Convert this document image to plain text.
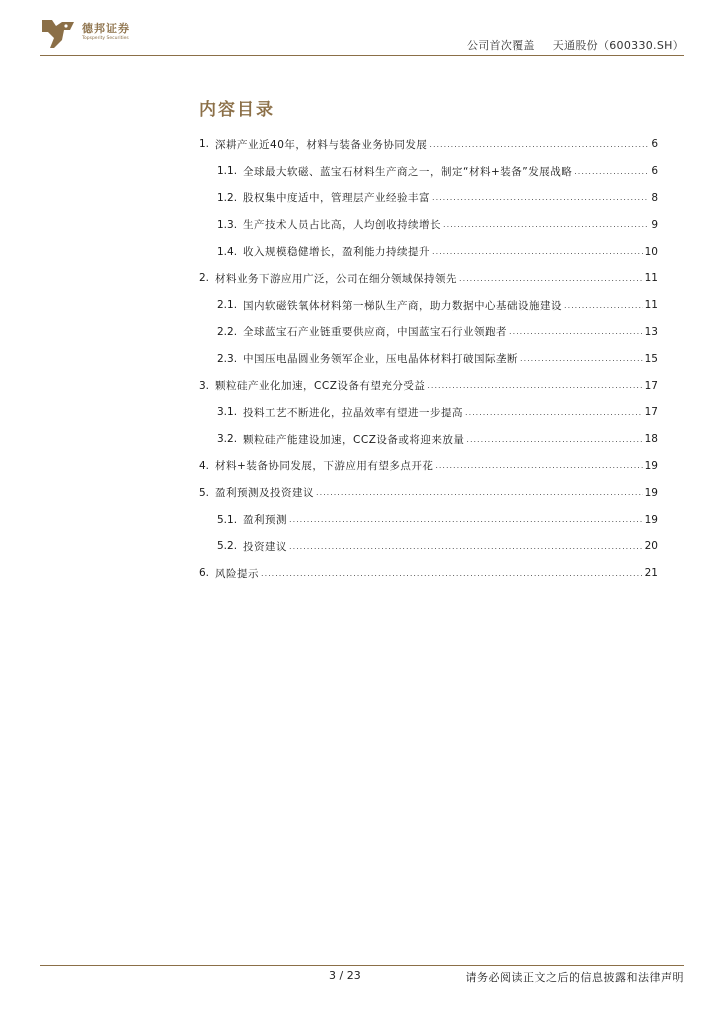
德邦证券
Topsperity Securities
公司首次覆盖 天通股份（600330.SH）
内容目录
1. 深耕产业近40年，材料与装备业务协同发展 .....	6
1.1. 全球最大软磁、蓝宝石材料生产商之一，制定“材料+装备”发展战略 .....	6
1.2. 股权集中度适中，管理层产业经验丰富 .....	8
1.3. 生产技术人员占比高，人均创收持续增长 .....	9
1.4. 收入规模稳健增长，盈利能力持续提升 .....	10
2. 材料业务下游应用广泛，公司在细分领域保持领先 .....	11
2.1. 国内软磁铁氧体材料第一梯队生产商，助力数据中心基础设施建设 .....	11
2.2. 全球蓝宝石产业链重要供应商，中国蓝宝石行业领跑者 .....	13
2.3. 中国压电晶圆业务领军企业，压电晶体材料打破国际垄断 .....	15
3. 颗粒硅产业化加速，CCZ设备有望充分受益 .....	17
3.1. 投料工艺不断进化，拉晶效率有望进一步提高 .....	17
3.2. 颗粒硅产能建设加速，CCZ设备或将迎来放量 .....	18
4. 材料+装备协同发展，下游应用有望多点开花 .....	19
5. 盈利预测及投资建议 .....	19
5.1. 盈利预测 .....	19
5.2. 投资建议 .....	20
6. 风险提示 .....	21
3 / 23	请务必阅读正文之后的信息披露和法律声明
